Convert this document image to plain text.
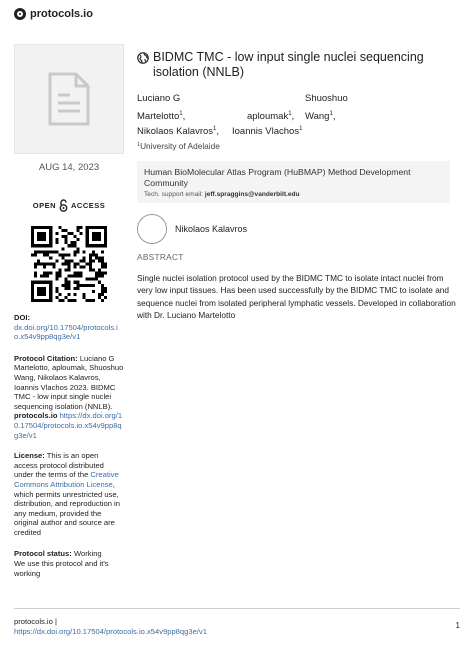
protocols.io
AUG 14, 2023
OPEN ACCESS
DOI:
dx.doi.org/10.17504/protocols.io.x54v9pp8qg3e/v1
Protocol Citation: Luciano G Martelotto, aploumak, Shuoshuo Wang, Nikolaos Kalavros, Ioannis Vlachos 2023. BIDMC TMC - low input single nuclei sequencing isolation (NNLB). protocols.io https://dx.doi.org/10.17504/protocols.io.x54v9pp8qg3e/v1
License: This is an open access protocol distributed under the terms of the Creative Commons Attribution License, which permits unrestricted use, distribution, and reproduction in any medium, provided the original author and source are credited
Protocol status: Working
We use this protocol and it's working
BIDMC TMC - low input single nuclei sequencing isolation (NNLB)
Luciano G	Shuoshuo
Martelotto$^1$,	aploumak$^1$, Wang$^1$,
Nikolaos Kalavros$^1$, Ioannis Vlachos$^1$
$^1$University of Adelaide
Human BioMolecular Atlas Program (HuBMAP) Method Development Community
Tech. support email: jeff.spraggins@vanderbilt.edu
Nikolaos Kalavros
ABSTRACT
Single nuclei isolation protocol used by the BIDMC TMC to isolate intact nuclei from very low input tissues. Has been used successfully by the BIDMC TMC to isolate and sequence nuclei from isolated peripheral lymphatic vessels. Developed in collaboration with Dr. Luciano Martelotto
protocols.io |
https://dx.doi.org/10.17504/protocols.io.x54v9pp8qg3e/v1
1
